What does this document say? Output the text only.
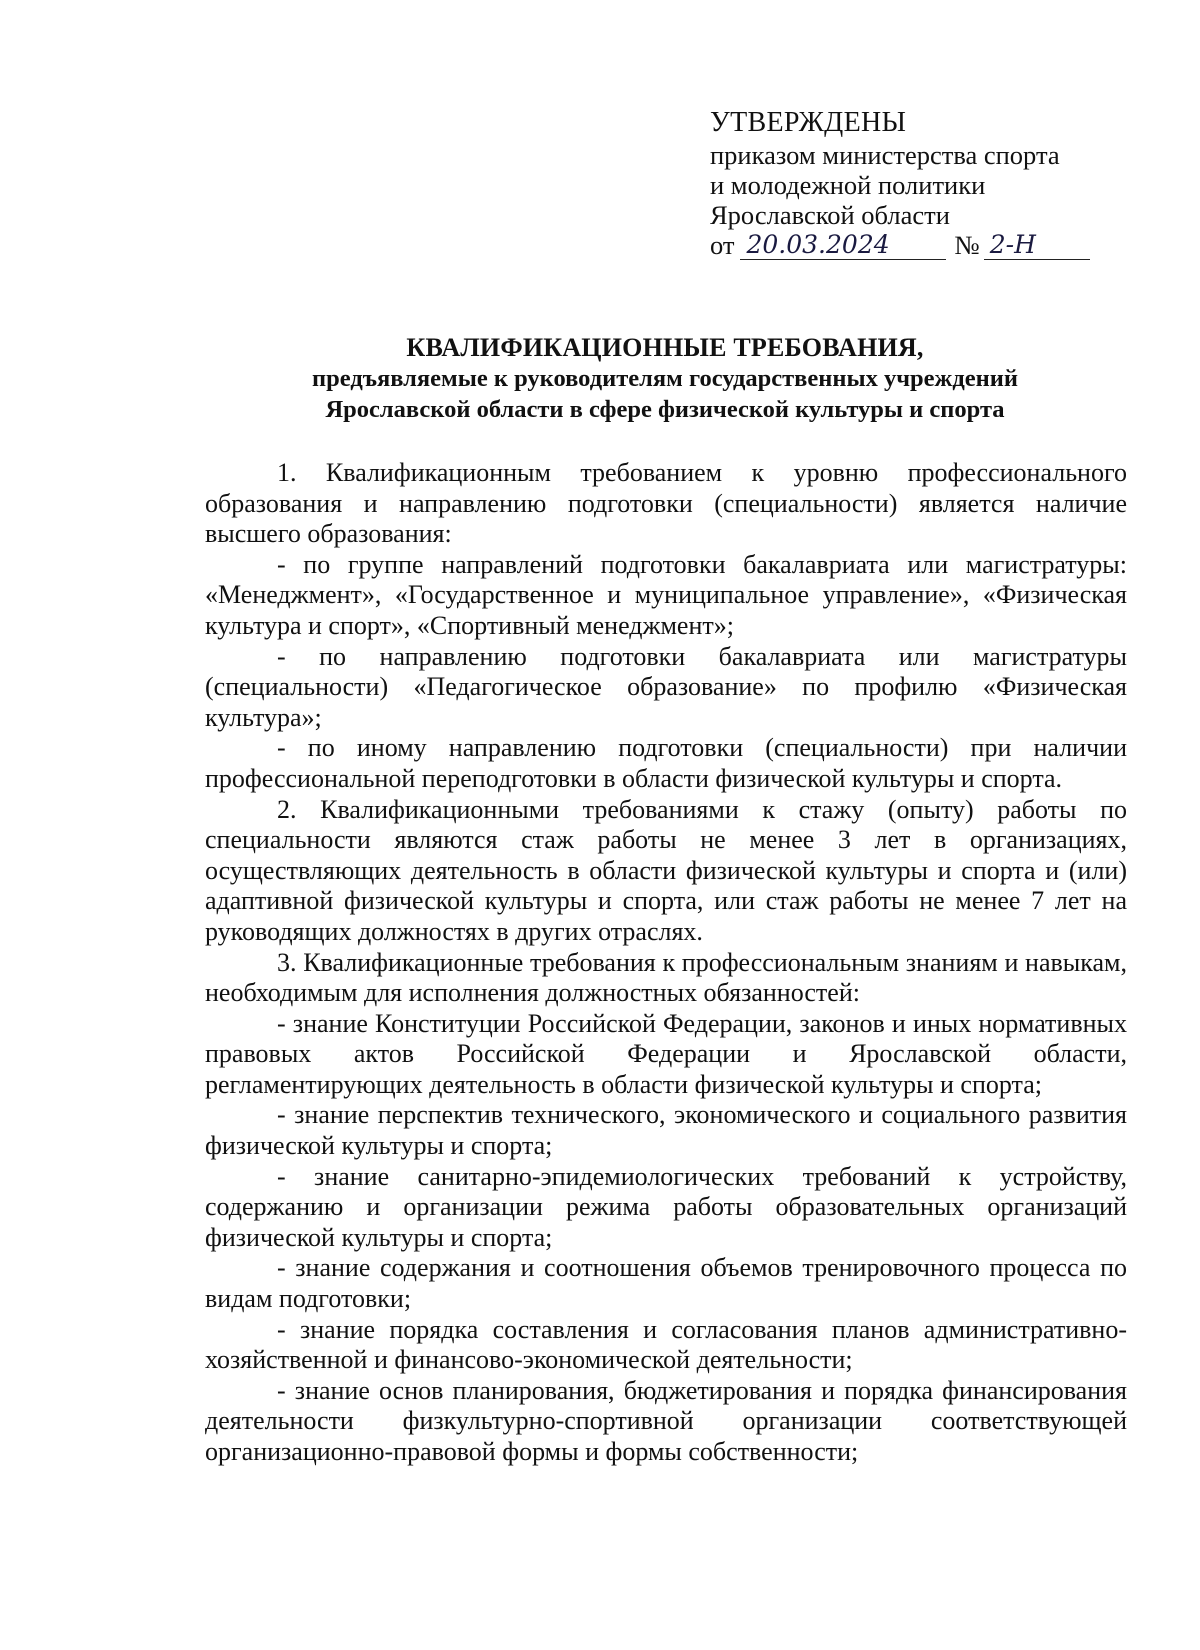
УТВЕРЖДЕНЫ
приказом министерства спорта
и молодежной политики
Ярославской области
от 20.03.2024	№ 2-Н
КВАЛИФИКАЦИОННЫЕ ТРЕБОВАНИЯ,
предъявляемые к руководителям государственных учреждений
Ярославской области в сфере физической культуры и спорта

1. Квалификационным требованием к уровню профессионального образования и направлению подготовки (специальности) является наличие высшего образования:

- по группе направлений подготовки бакалавриата или магистратуры: «Менеджмент», «Государственное и муниципальное управление», «Физическая культура и спорт», «Спортивный менеджмент»;

- по направлению подготовки бакалавриата или магистратуры (специальности) «Педагогическое образование» по профилю «Физическая культура»;

- по иному направлению подготовки (специальности) при наличии профессиональной переподготовки в области физической культуры и спорта.

2. Квалификационными требованиями к стажу (опыту) работы по специальности являются стаж работы не менее 3 лет в организациях, осуществляющих деятельность в области физической культуры и спорта и (или) адаптивной физической культуры и спорта, или стаж работы не менее 7 лет на руководящих должностях в других отраслях.

3. Квалификационные требования к профессиональным знаниям и навыкам, необходимым для исполнения должностных обязанностей:

- знание Конституции Российской Федерации, законов и иных нормативных правовых актов Российской Федерации и Ярославской области, регламентирующих деятельность в области физической культуры и спорта;

- знание перспектив технического, экономического и социального развития физической культуры и спорта;

- знание санитарно-эпидемиологических требований к устройству, содержанию и организации режима работы образовательных организаций физической культуры и спорта;

- знание содержания и соотношения объемов тренировочного процесса по видам подготовки;

- знание порядка составления и согласования планов административно-хозяйственной и финансово-экономической деятельности;

- знание основ планирования, бюджетирования и порядка финансирования деятельности физкультурно-спортивной организации соответствующей организационно-правовой формы и формы собственности;
